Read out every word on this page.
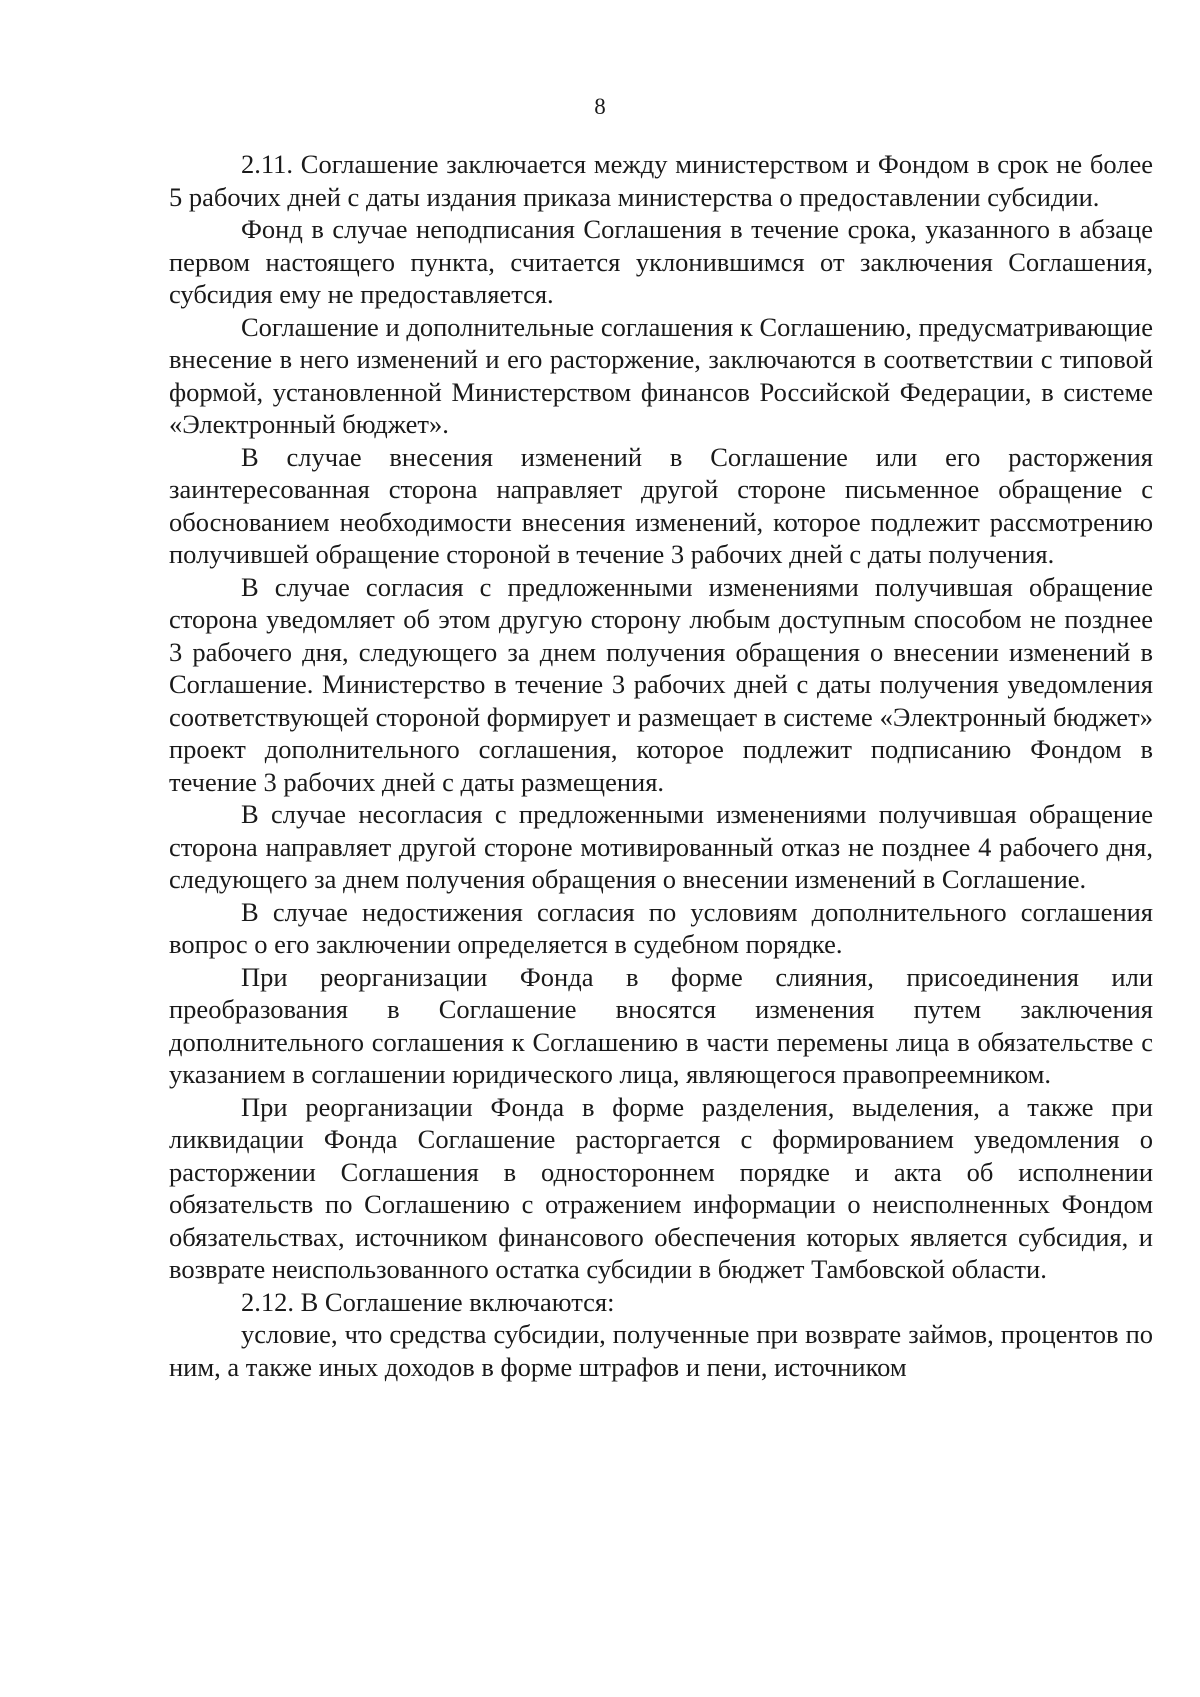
8

2.11. Соглашение заключается между министерством и Фондом в срок не более 5 рабочих дней с даты издания приказа министерства о предоставлении субсидии.

Фонд в случае неподписания Соглашения в течение срока, указанного в абзаце первом настоящего пункта, считается уклонившимся от заключения Соглашения, субсидия ему не предоставляется.

Соглашение и дополнительные соглашения к Соглашению, предусматривающие внесение в него изменений и его расторжение, заключаются в соответствии с типовой формой, установленной Министерством финансов Российской Федерации, в системе «Электронный бюджет».

В случае внесения изменений в Соглашение или его расторжения заинтересованная сторона направляет другой стороне письменное обращение с обоснованием необходимости внесения изменений, которое подлежит рассмотрению получившей обращение стороной в течение 3 рабочих дней с даты получения.

В случае согласия с предложенными изменениями получившая обращение сторона уведомляет об этом другую сторону любым доступным способом не позднее 3 рабочего дня, следующего за днем получения обращения о внесении изменений в Соглашение. Министерство в течение 3 рабочих дней с даты получения уведомления соответствующей стороной формирует и размещает в системе «Электронный бюджет» проект дополнительного соглашения, которое подлежит подписанию Фондом в течение 3 рабочих дней с даты размещения.

В случае несогласия с предложенными изменениями получившая обращение сторона направляет другой стороне мотивированный отказ не позднее 4 рабочего дня, следующего за днем получения обращения о внесении изменений в Соглашение.

В случае недостижения согласия по условиям дополнительного соглашения вопрос о его заключении определяется в судебном порядке.

При реорганизации Фонда в форме слияния, присоединения или преобразования в Соглашение вносятся изменения путем заключения дополнительного соглашения к Соглашению в части перемены лица в обязательстве с указанием в соглашении юридического лица, являющегося правопреемником.

При реорганизации Фонда в форме разделения, выделения, а также при ликвидации Фонда Соглашение расторгается с формированием уведомления о расторжении Соглашения в одностороннем порядке и акта об исполнении обязательств по Соглашению с отражением информации о неисполненных Фондом обязательствах, источником финансового обеспечения которых является субсидия, и возврате неиспользованного остатка субсидии в бюджет Тамбовской области.

2.12. В Соглашение включаются:

условие, что средства субсидии, полученные при возврате займов, процентов по ним, а также иных доходов в форме штрафов и пени, источником
